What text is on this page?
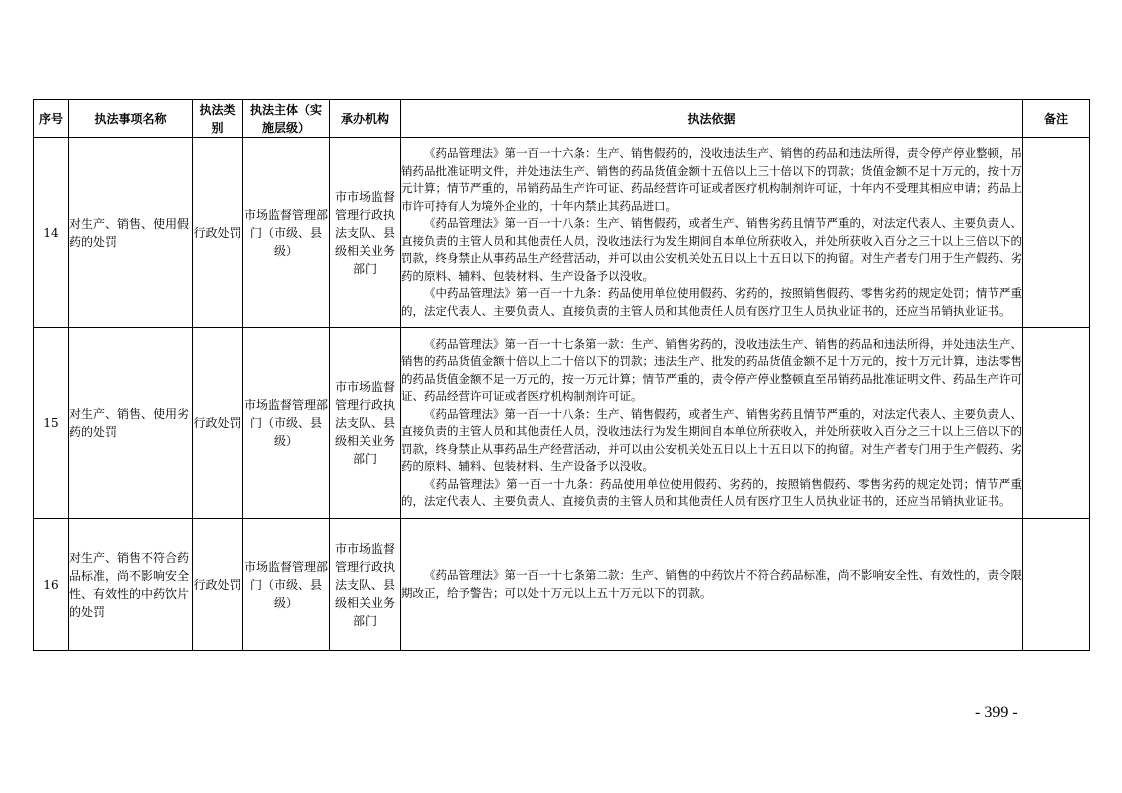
序号	执法事项名称	执法类别	执法主体（实施层级）	承办机构	执法依据	备注
14	对生产、销售、使用假药的处罚	行政处罚	市场监督管理部门（市级、县级）	市市场监督管理行政执法支队、县级相关业务部门	《药品管理法》第一百一十六条：生产、销售假药的，没收违法生产、销售的药品和违法所得，责令停产停业整顿，吊销药品批准证明文件，并处违法生产、销售的药品货值金额十五倍以上三十倍以下的罚款；货值金额不足十万元的，按十万元计算；情节严重的，吊销药品生产许可证、药品经营许可证或者医疗机构制剂许可证，十年内不受理其相应申请；药品上市许可持有人为境外企业的，十年内禁止其药品进口。

《药品管理法》第一百一十八条：生产、销售假药，或者生产、销售劣药且情节严重的，对法定代表人、主要负责人、直接负责的主管人员和其他责任人员，没收违法行为发生期间自本单位所获收入，并处所获收入百分之三十以上三倍以下的罚款，终身禁止从事药品生产经营活动，并可以由公安机关处五日以上十五日以下的拘留。对生产者专门用于生产假药、劣药的原料、辅料、包装材料、生产设备予以没收。

《中药品管理法》第一百一十九条：药品使用单位使用假药、劣药的，按照销售假药、零售劣药的规定处罚；情节严重的，法定代表人、主要负责人、直接负责的主管人员和其他责任人员有医疗卫生人员执业证书的，还应当吊销执业证书。	

15	对生产、销售、使用劣药的处罚	行政处罚	市场监督管理部门（市级、县级）	市市场监督管理行政执法支队、县级相关业务部门	《药品管理法》第一百一十七条第一款：生产、销售劣药的，没收违法生产、销售的药品和违法所得，并处违法生产、销售的药品货值金额十倍以上二十倍以下的罚款；违法生产、批发的药品货值金额不足十万元的，按十万元计算，违法零售的药品货值金额不足一万元的，按一万元计算；情节严重的，责令停产停业整顿直至吊销药品批准证明文件、药品生产许可证、药品经营许可证或者医疗机构制剂许可证。

《药品管理法》第一百一十八条：生产、销售假药，或者生产、销售劣药且情节严重的，对法定代表人、主要负责人、直接负责的主管人员和其他责任人员，没收违法行为发生期间自本单位所获收入，并处所获收入百分之三十以上三倍以下的罚款，终身禁止从事药品生产经营活动，并可以由公安机关处五日以上十五日以下的拘留。对生产者专门用于生产假药、劣药的原料、辅料、包装材料、生产设备予以没收。

《药品管理法》第一百一十九条：药品使用单位使用假药、劣药的，按照销售假药、零售劣药的规定处罚；情节严重的，法定代表人、主要负责人、直接负责的主管人员和其他责任人员有医疗卫生人员执业证书的，还应当吊销执业证书。	

16	对生产、销售不符合药品标准，尚不影响安全性、有效性的中药饮片的处罚	行政处罚	市场监督管理部门（市级、县级）	市市场监督管理行政执法支队、县级相关业务部门	《药品管理法》第一百一十七条第二款：生产、销售的中药饮片不符合药品标准，尚不影响安全性、有效性的，责令限期改正，给予警告；可以处十万元以上五十万元以下的罚款。	

- 399 -
